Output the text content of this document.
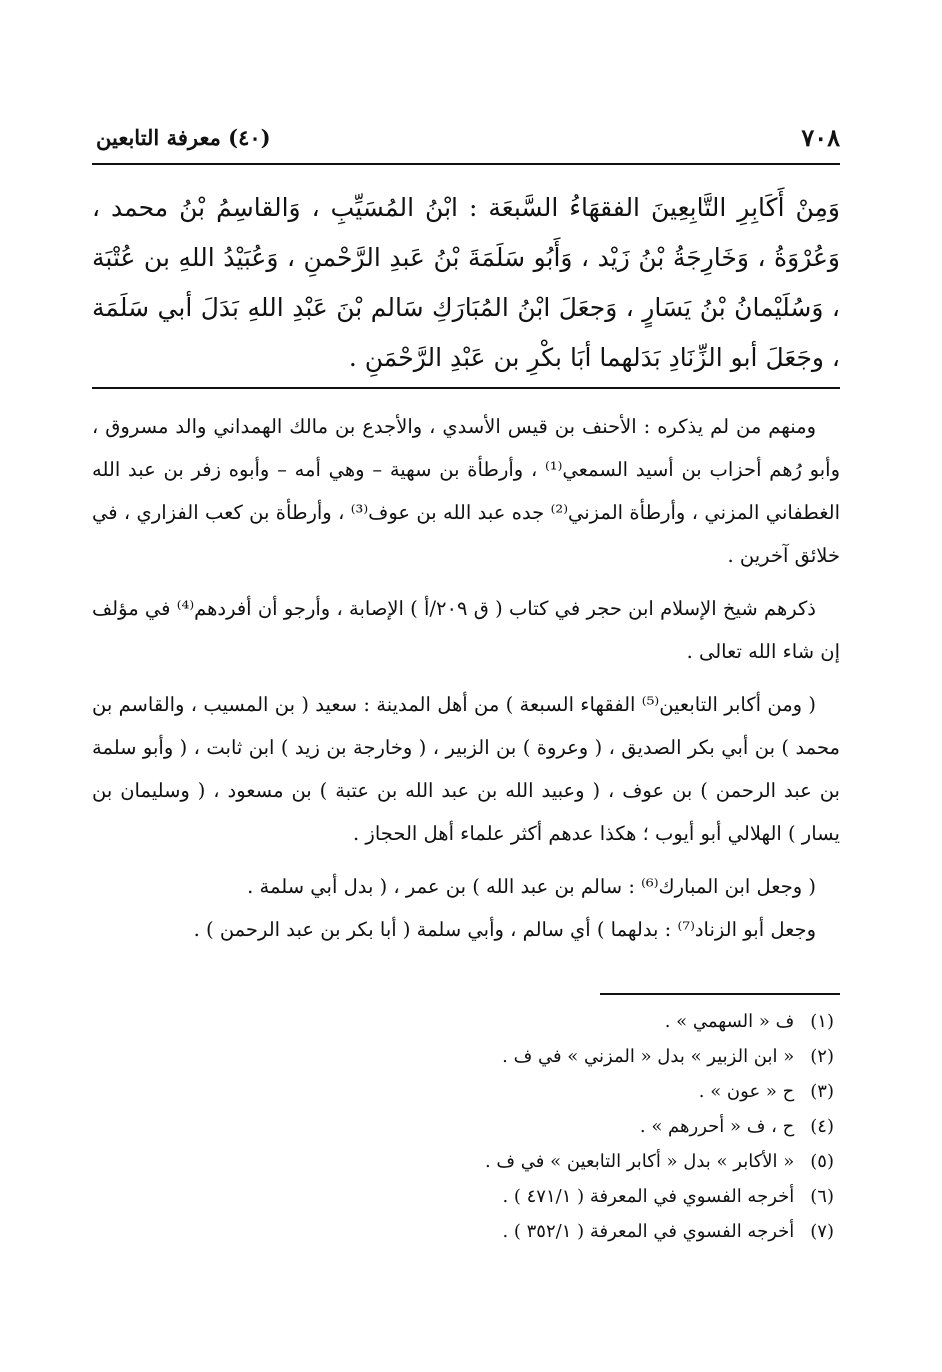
٧٠٨
(٤٠) معرفة التابعين

وَمِنْ أَكَابِرِ التَّابِعِينَ الفقهَاءُ السَّبعَة : ابْنُ المُسَيِّبِ ، وَالقاسِمُ بْنُ محمد ، وَعُرْوَةُ ، وَخَارِجَةُ بْنُ زَيْد ، وَأَبُو سَلَمَةَ بْنُ عَبدِ الرَّحْمنِ ، وَعُبَيْدُ اللهِ بن عُتْبَة ، وَسُلَيْمانُ بْنُ يَسَارٍ ، وَجعَلَ ابْنُ المُبَارَكِ سَالم بْنَ عَبْدِ اللهِ بَدَلَ أبي سَلَمَة ، وجَعَلَ أبو الزِّنَادِ بَدَلهما أبَا بكْرِ بن عَبْدِ الرَّحْمَنِ .

ومنهم من لم يذكره : الأحنف بن قيس الأسدي ، والأجدع بن مالك الهمداني والد مسروق ، وأبو رُهم أحزاب بن أسيد السمعي⁽¹⁾ ، وأرطأة بن سهية – وهي أمه – وأبوه زفر بن عبد الله الغطفاني المزني ، وأرطأة المزني⁽²⁾ جده عبد الله بن عوف⁽³⁾ ، وأرطأة بن كعب الفزاري ، في خلائق آخرين .

ذكرهم شيخ الإسلام ابن حجر في كتاب ( ق ٢٠٩/أ ) الإصابة ، وأرجو أن أفردهم⁽⁴⁾ في مؤلف إن شاء الله تعالى .

( ومن أكابر التابعين⁽⁵⁾ الفقهاء السبعة ) من أهل المدينة : سعيد ( بن المسيب ، والقاسم بن محمد ) بن أبي بكر الصديق ، ( وعروة ) بن الزبير ، ( وخارجة بن زيد ) ابن ثابت ، ( وأبو سلمة بن عبد الرحمن ) بن عوف ، ( وعبيد الله بن عبد الله بن عتبة ) بن مسعود ، ( وسليمان بن يسار ) الهلالي أبو أيوب ؛ هكذا عدهم أكثر علماء أهل الحجاز .

( وجعل ابن المبارك⁽⁶⁾ : سالم بن عبد الله ) بن عمر ، ( بدل أبي سلمة .

وجعل أبو الزناد⁽⁷⁾ : بدلهما ) أي سالم ، وأبي سلمة ( أبا بكر بن عبد الرحمن ) .

(١) ف « السهمي » .
(٢) « ابن الزبير » بدل « المزني » في ف .
(٣) ح « عون » .
(٤) ح ، ف « أحررهم » .
(٥) « الأكابر » بدل « أكابر التابعين » في ف .
(٦) أخرجه الفسوي في المعرفة ( ٤٧١/١ ) .
(٧) أخرجه الفسوي في المعرفة ( ٣٥٢/١ ) .
